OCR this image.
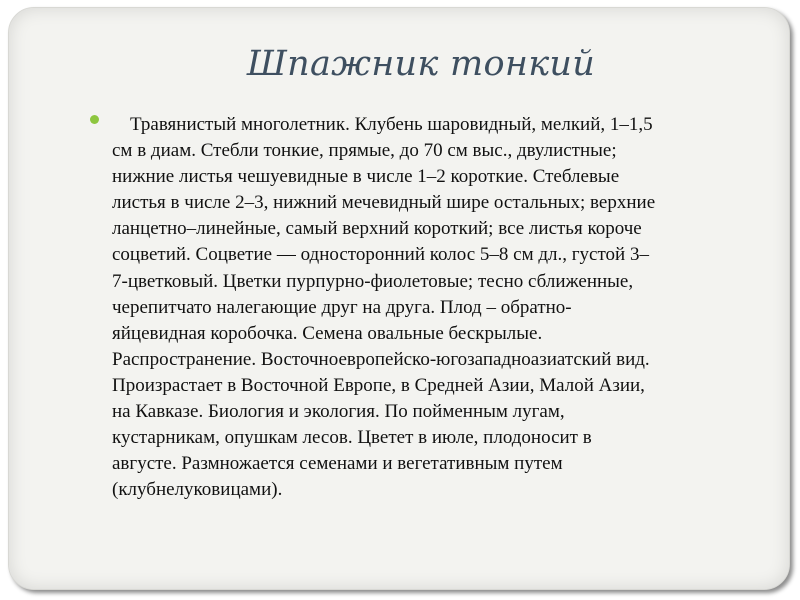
Шпажник тонкий

Травянистый многолетник. Клубень шаровидный, мелкий, 1–1,5
см в диам. Стебли тонкие, прямые, до 70 см выс., двулистные;
нижние листья чешуевидные в числе 1–2 короткие. Стеблевые
листья в числе 2–3, нижний мечевидный шире остальных; верхние
ланцетно–линейные, самый верхний короткий; все листья короче
соцветий. Соцветие — односторонний колос 5–8 см дл., густой 3–
7-цветковый. Цветки пурпурно-фиолетовые; тесно сближенные,
черепитчато налегающие друг на друга. Плод – обратно-
яйцевидная коробочка. Семена овальные бескрылые.
Распространение. Восточноевропейско-югозападноазиатский вид.
Произрастает в Восточной Европе, в Средней Азии, Малой Азии,
на Кавказе. Биология и экология. По пойменным лугам,
кустарникам, опушкам лесов. Цветет в июле, плодоносит в
августе. Размножается семенами и вегетативным путем
(клубнелуковицами).
